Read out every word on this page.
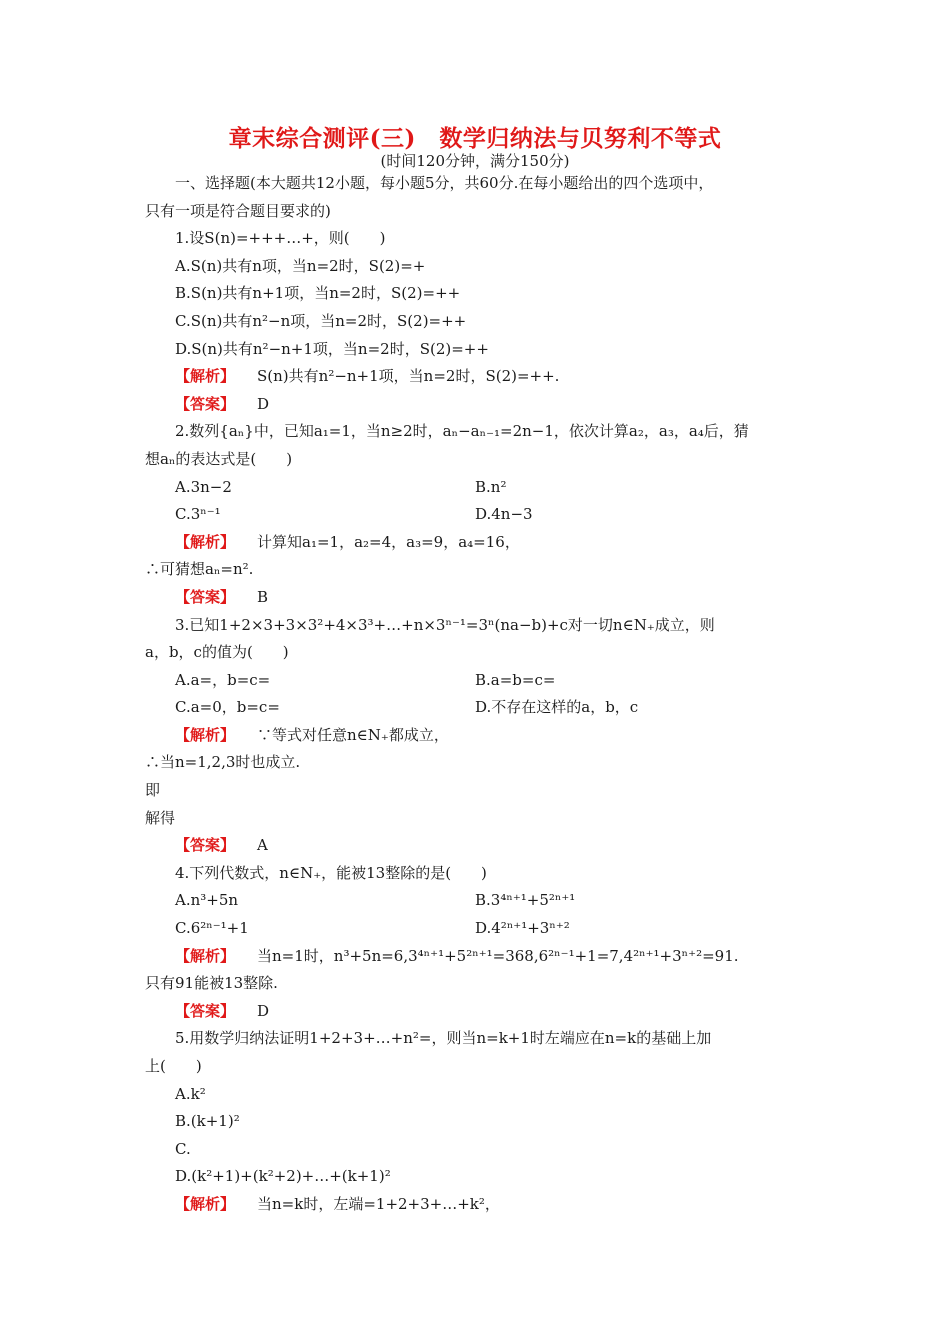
章末综合测评(三)　数学归纳法与贝努利不等式
(时间120分钟，满分150分)
一、选择题(本大题共12小题，每小题5分，共60分.在每小题给出的四个选项中，
只有一项是符合题目要求的)
1.设S(n)=+++…+，则(　　)
A.S(n)共有n项，当n=2时，S(2)=+
B.S(n)共有n+1项，当n=2时，S(2)=++
C.S(n)共有n²−n项，当n=2时，S(2)=++
D.S(n)共有n²−n+1项，当n=2时，S(2)=++
【解析】 S(n)共有n²−n+1项，当n=2时，S(2)=++.
【答案】 D
2.数列{aₙ}中，已知a₁=1，当n≥2时，aₙ−aₙ₋₁=2n−1，依次计算a₂，a₃，a₄后，猜
想aₙ的表达式是(　　)
A.3n−2	B.n²
C.3ⁿ⁻¹	D.4n−3
【解析】 计算知a₁=1，a₂=4，a₃=9，a₄=16，
∴可猜想aₙ=n².
【答案】 B
3.已知1+2×3+3×3²+4×3³+…+n×3ⁿ⁻¹=3ⁿ(na−b)+c对一切n∈N₊成立，则
a，b，c的值为(　　)
A.a=，b=c=	B.a=b=c=
C.a=0，b=c=	D.不存在这样的a，b，c
【解析】 ∵等式对任意n∈N₊都成立，
∴当n=1,2,3时也成立.
即
解得
【答案】 A
4.下列代数式，n∈N₊，能被13整除的是(　　)
A.n³+5n	B.3⁴ⁿ⁺¹+5²ⁿ⁺¹
C.6²ⁿ⁻¹+1	D.4²ⁿ⁺¹+3ⁿ⁺²
【解析】 当n=1时，n³+5n=6,3⁴ⁿ⁺¹+5²ⁿ⁺¹=368,6²ⁿ⁻¹+1=7,4²ⁿ⁺¹+3ⁿ⁺²=91.
只有91能被13整除.
【答案】 D
5.用数学归纳法证明1+2+3+…+n²=，则当n=k+1时左端应在n=k的基础上加
上(　　)
A.k²
B.(k+1)²
C.
D.(k²+1)+(k²+2)+…+(k+1)²
【解析】 当n=k时，左端=1+2+3+…+k²，
